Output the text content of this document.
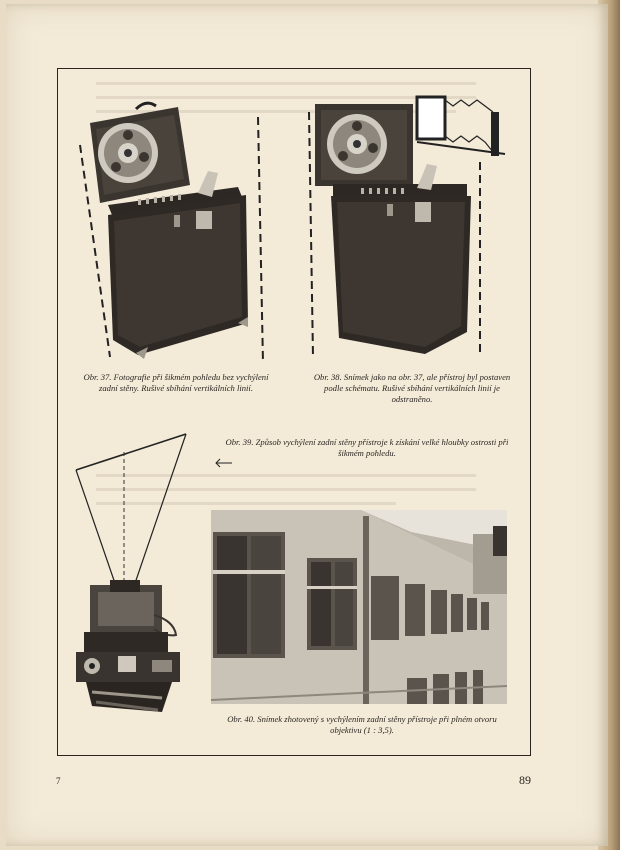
Obr. 37. Fotografie při šikmém pohledu bez vychýlení zadní stěny. Rušivé sbíhání vertikálních linií.

Obr. 38. Snímek jako na obr. 37, ale přístroj byl postaven podle schématu. Rušivé sbíhání vertikálních linií je odstraněno.

Obr. 39. Způsob vychýlení zadní stěny přístroje k získání velké hloubky ostrosti při šikmém pohledu.

Obr. 40. Snímek zhotovený s vychýlením zadní stěny přístroje při plném otvoru objektivu (1 : 3,5).

7	89
